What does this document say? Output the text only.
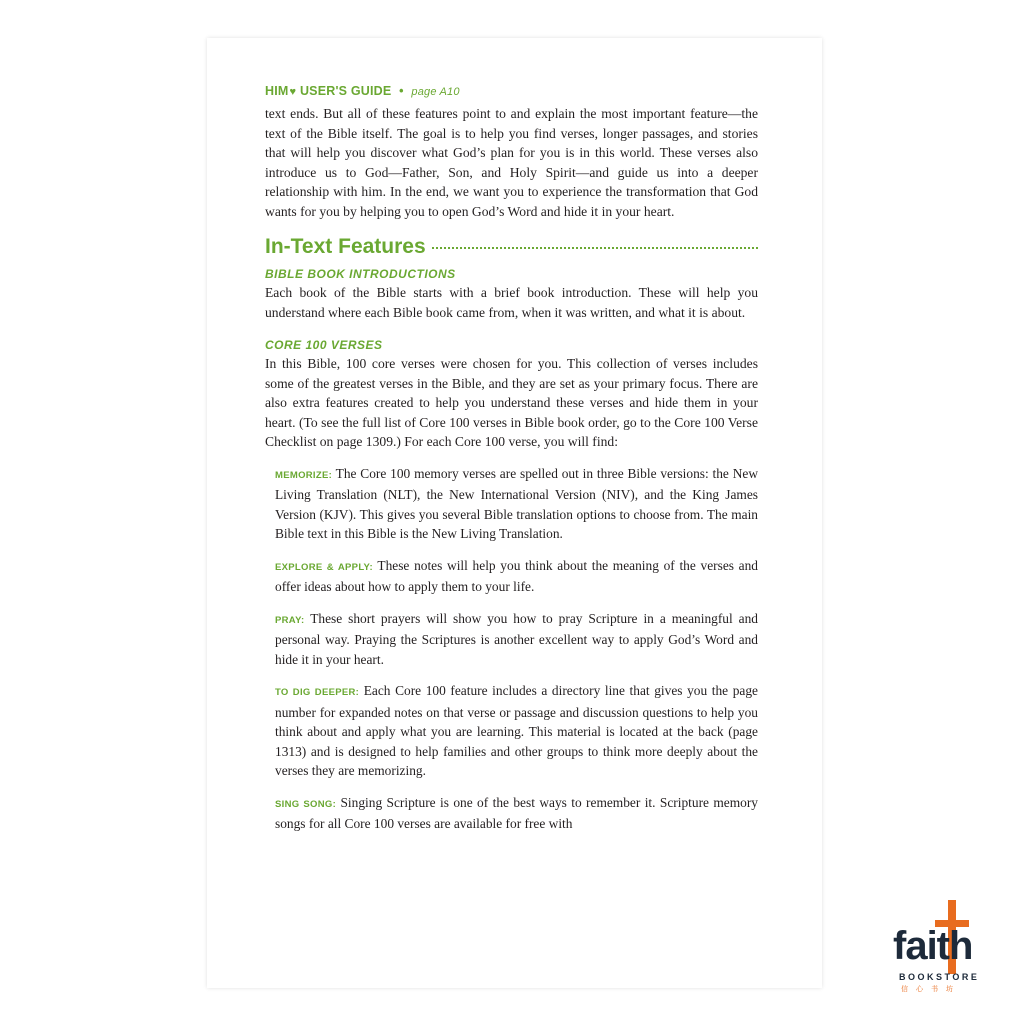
HIM♥ USER'S GUIDE • page A10

text ends. But all of these features point to and explain the most important feature—the text of the Bible itself. The goal is to help you find verses, longer passages, and stories that will help you discover what God’s plan for you is in this world. These verses also introduce us to God—Father, Son, and Holy Spirit—and guide us into a deeper relationship with him. In the end, we want you to experience the transformation that God wants for you by helping you to open God’s Word and hide it in your heart.

In-Text Features
BIBLE BOOK INTRODUCTIONS

Each book of the Bible starts with a brief book introduction. These will help you understand where each Bible book came from, when it was written, and what it is about.

CORE 100 VERSES

In this Bible, 100 core verses were chosen for you. This collection of verses includes some of the greatest verses in the Bible, and they are set as your primary focus. There are also extra features created to help you understand these verses and hide them in your heart. (To see the full list of Core 100 verses in Bible book order, go to the Core 100 Verse Checklist on page 1309.) For each Core 100 verse, you will find:

MEMORIZE: The Core 100 memory verses are spelled out in three Bible versions: the New Living Translation (NLT), the New International Version (NIV), and the King James Version (KJV). This gives you several Bible translation options to choose from. The main Bible text in this Bible is the New Living Translation.

EXPLORE & APPLY: These notes will help you think about the meaning of the verses and offer ideas about how to apply them to your life.

PRAY: These short prayers will show you how to pray Scripture in a meaningful and personal way. Praying the Scriptures is another excellent way to apply God’s Word and hide it in your heart.

TO DIG DEEPER: Each Core 100 feature includes a directory line that gives you the page number for expanded notes on that verse or passage and discussion questions to help you think about and apply what you are learning. This material is located at the back (page 1313) and is designed to help families and other groups to think more deeply about the verses they are memorizing.

SING SONG: Singing Scripture is one of the best ways to remember it. Scripture memory songs for all Core 100 verses are available for free with

faith
BOOKSTORE
信心书坊
